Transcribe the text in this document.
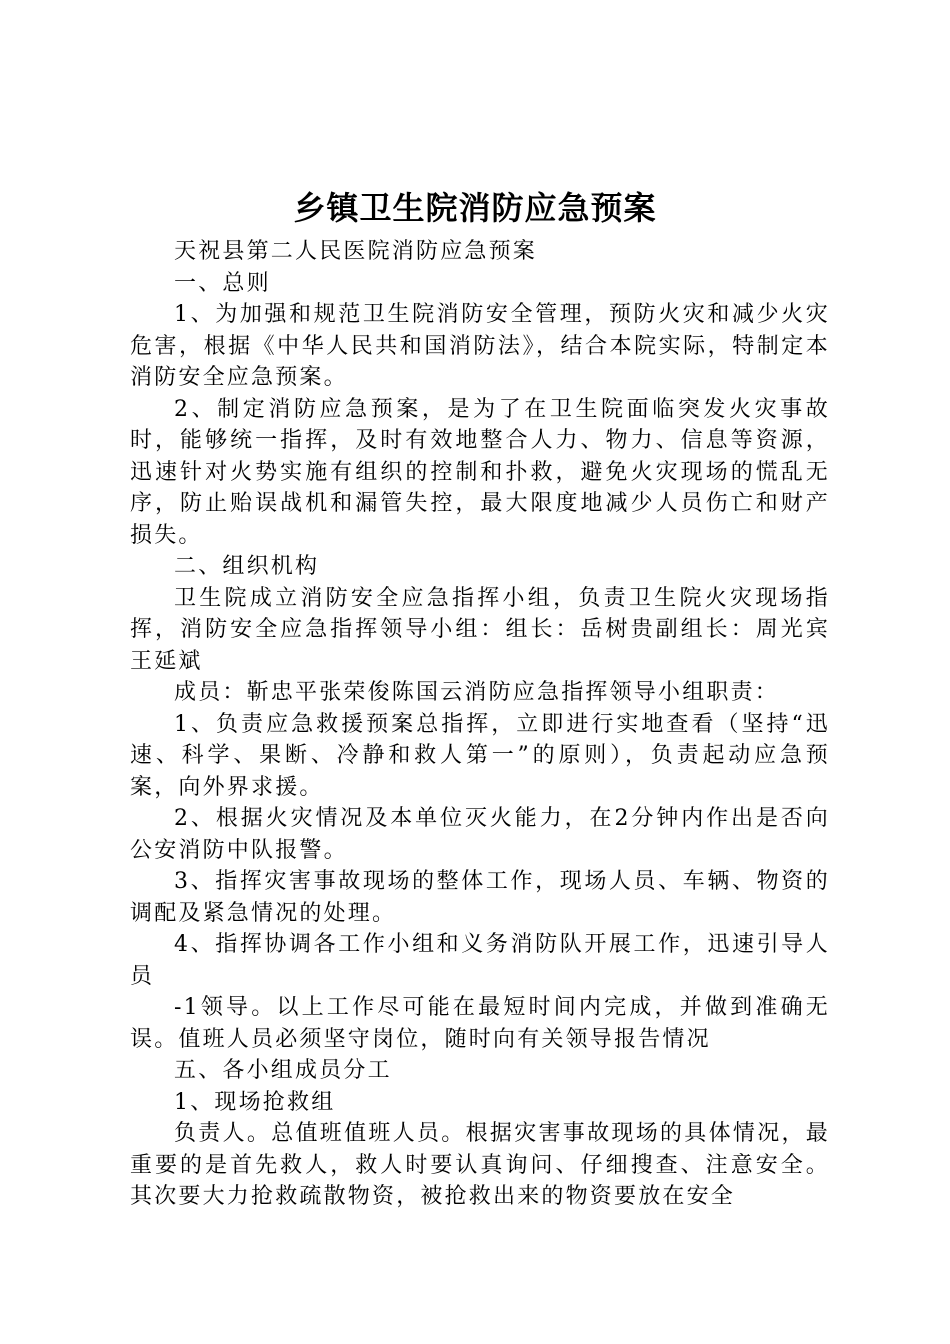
乡镇卫生院消防应急预案

天祝县第二人民医院消防应急预案

一、总则

1、为加强和规范卫生院消防安全管理，预防火灾和减少火灾危害，根据《中华人民共和国消防法》，结合本院实际，特制定本消防安全应急预案。

2、制定消防应急预案，是为了在卫生院面临突发火灾事故时，能够统一指挥，及时有效地整合人力、物力、信息等资源，迅速针对火势实施有组织的控制和扑救，避免火灾现场的慌乱无序，防止贻误战机和漏管失控，最大限度地减少人员伤亡和财产损失。

二、组织机构

卫生院成立消防安全应急指挥小组，负责卫生院火灾现场指挥，消防安全应急指挥领导小组：组长：岳树贵副组长：周光宾王延斌

成员：靳忠平张荣俊陈国云消防应急指挥领导小组职责：

1、负责应急救援预案总指挥，立即进行实地查看（坚持“迅速、科学、果断、冷静和救人第一”的原则），负责起动应急预案，向外界求援。

2、根据火灾情况及本单位灭火能力，在2分钟内作出是否向公安消防中队报警。

3、指挥灾害事故现场的整体工作，现场人员、车辆、物资的调配及紧急情况的处理。

4、指挥协调各工作小组和义务消防队开展工作，迅速引导人员

-1领导。以上工作尽可能在最短时间内完成，并做到准确无误。值班人员必须坚守岗位，随时向有关领导报告情况

五、各小组成员分工

1、现场抢救组

负责人。总值班值班人员。根据灾害事故现场的具体情况，最重要的是首先救人，救人时要认真询问、仔细搜查、注意安全。其次要大力抢救疏散物资，被抢救出来的物资要放在安全
